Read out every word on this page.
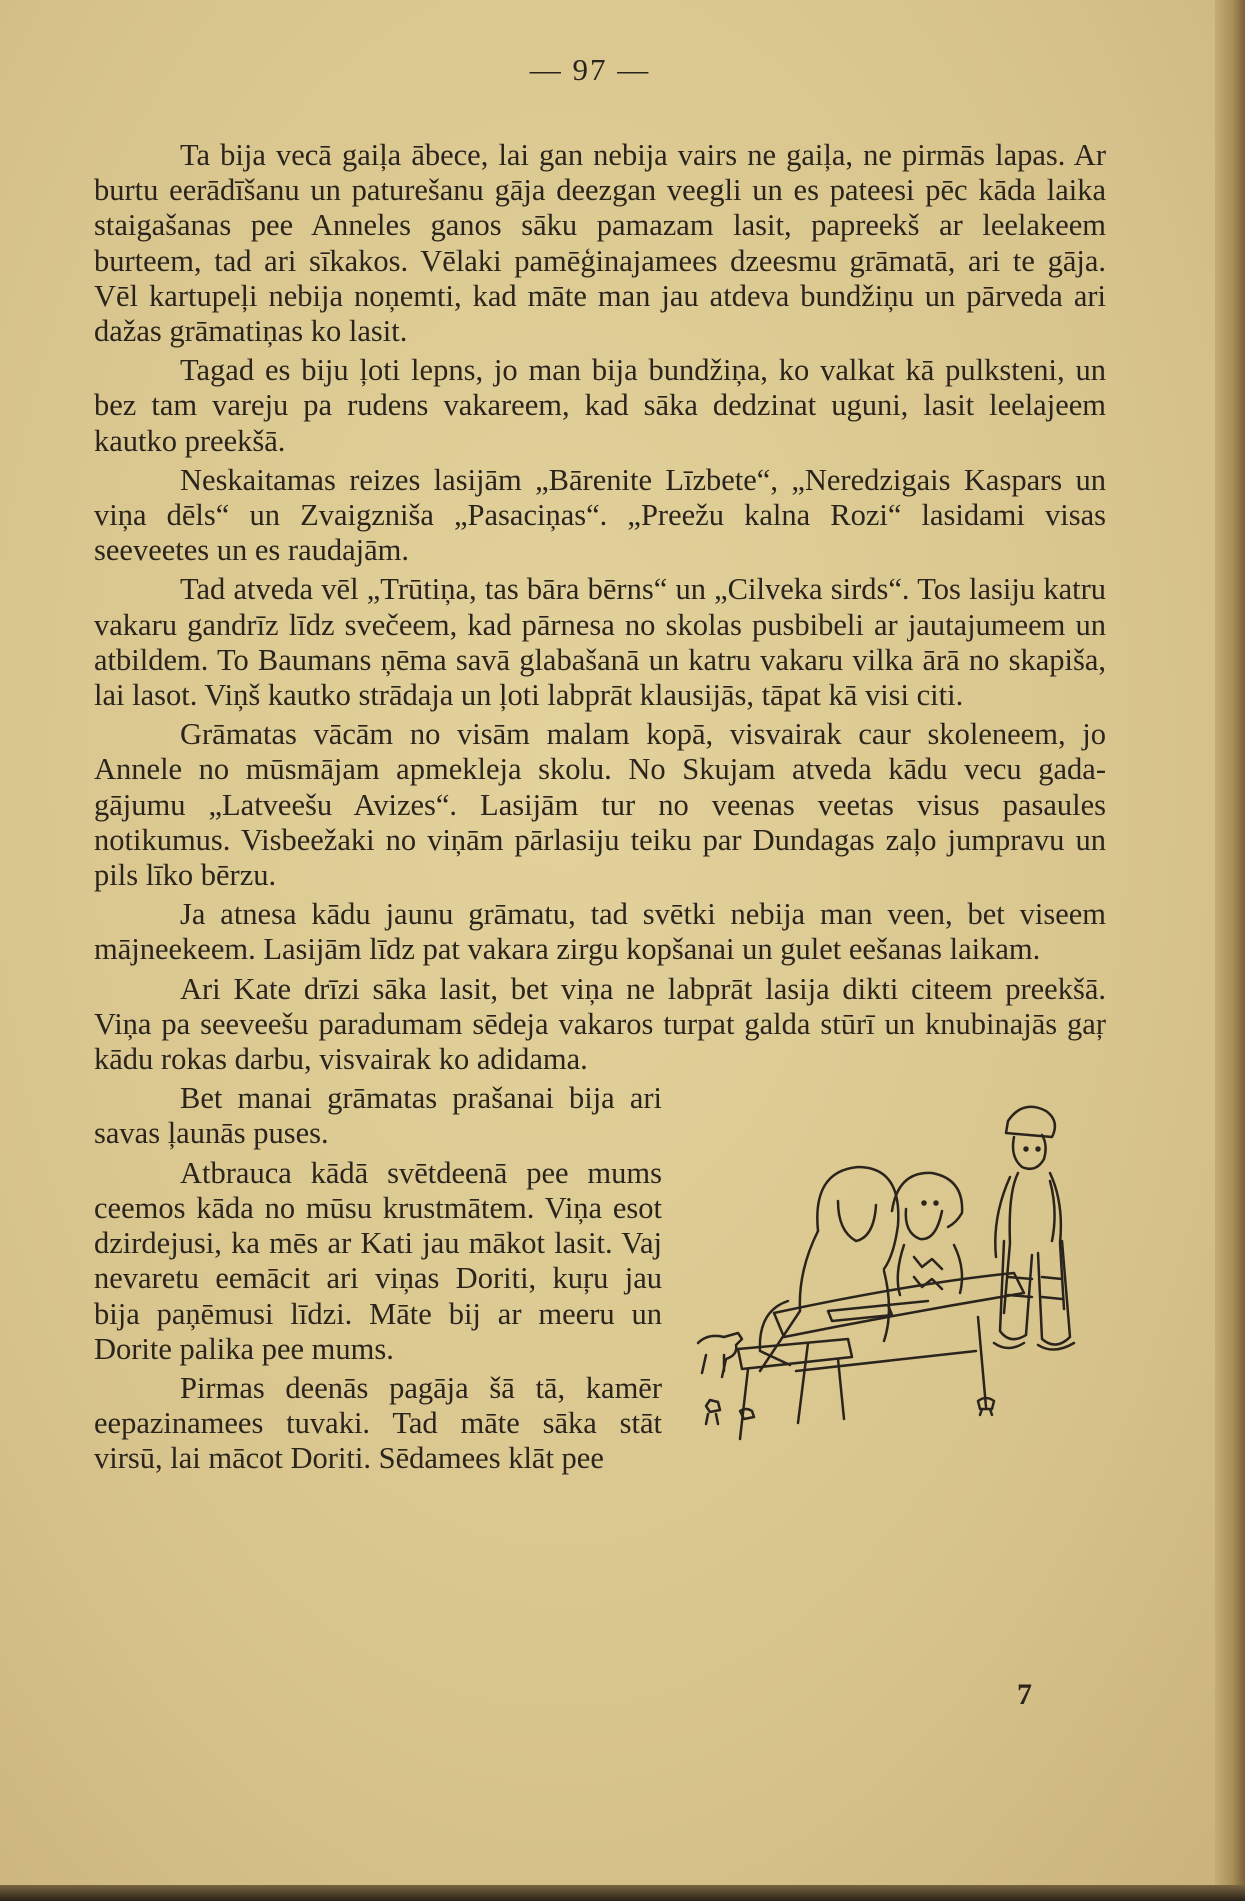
— 97 —

Ta bija vecā gaiļa ābece, lai gan nebija vairs ne gaiļa, ne pirmās lapas. Ar burtu eerādīšanu un paturešanu gāja deezgan veegli un es pateesi pēc kāda laika staigašanas pee Anneles ganos sāku pamazam lasit, papreekš ar leelakeem burteem, tad ari sīkakos. Vēlaki pamēģinajamees dzeesmu grāmatā, ari te gāja. Vēl kartupeļi nebija noņemti, kad māte man jau atdeva bundžiņu un pārveda ari dažas grāmatiņas ko lasit.

Tagad es biju ļoti lepns, jo man bija bundžiņa, ko valkat kā pulksteni, un bez tam vareju pa rudens vakareem, kad sāka dedzinat uguni, lasit leelajeem kautko preekšā.

Neskaitamas reizes lasijām „Bārenite Līzbete“, „Neredzigais Kaspars un viņa dēls“ un Zvaigzniša „Pasaciņas“. „Preežu kalna Rozi“ lasidami visas seeveetes un es raudajām.

Tad atveda vēl „Trūtiņa, tas bāra bērns“ un „Cilveka sirds“. Tos lasiju katru vakaru gandrīz līdz svečeem, kad pārnesa no skolas pusbibeli ar jautajumeem un atbildem. To Baumans ņēma savā glabašanā un katru vakaru vilka ārā no skapiša, lai lasot. Viņš kautko strādaja un ļoti labprāt klausijās, tāpat kā visi citi.

Grāmatas vācām no visām malam kopā, visvairak caur skoleneem, jo Annele no mūsmājam apmekleja skolu. No Skujam atveda kādu vecu gada-gājumu „Latveešu Avizes“. Lasijām tur no veenas veetas visus pasaules notikumus. Visbeežaki no viņām pārlasiju teiku par Dundagas zaļo jumpravu un pils līko bērzu.

Ja atnesa kādu jaunu grāmatu, tad svētki nebija man veen, bet viseem mājneekeem. Lasijām līdz pat vakara zirgu kopšanai un gulet eešanas laikam.

Ari Kate drīzi sāka lasit, bet viņa ne labprāt lasija dikti citeem preekšā. Viņa pa seeveešu paradumam sēdeja vakaros turpat galda stūrī un knubinajās gaŗ kādu rokas darbu, visvairak ko adidama.

Bet manai grāmatas prašanai bija ari savas ļaunās puses.

Atbrauca kādā svētdeenā pee mums ceemos kāda no mūsu krustmātem. Viņa esot dzirdejusi, ka mēs ar Kati jau mākot lasit. Vaj nevaretu eemācit ari viņas Doriti, kuŗu jau bija paņēmusi līdzi. Māte bij ar meeru un Dorite palika pee mums.

Pirmas deenās pagāja šā tā, kamēr eepazinamees tuvaki. Tad māte sāka stāt virsū, lai mācot Doriti. Sēdamees klāt pee

7
